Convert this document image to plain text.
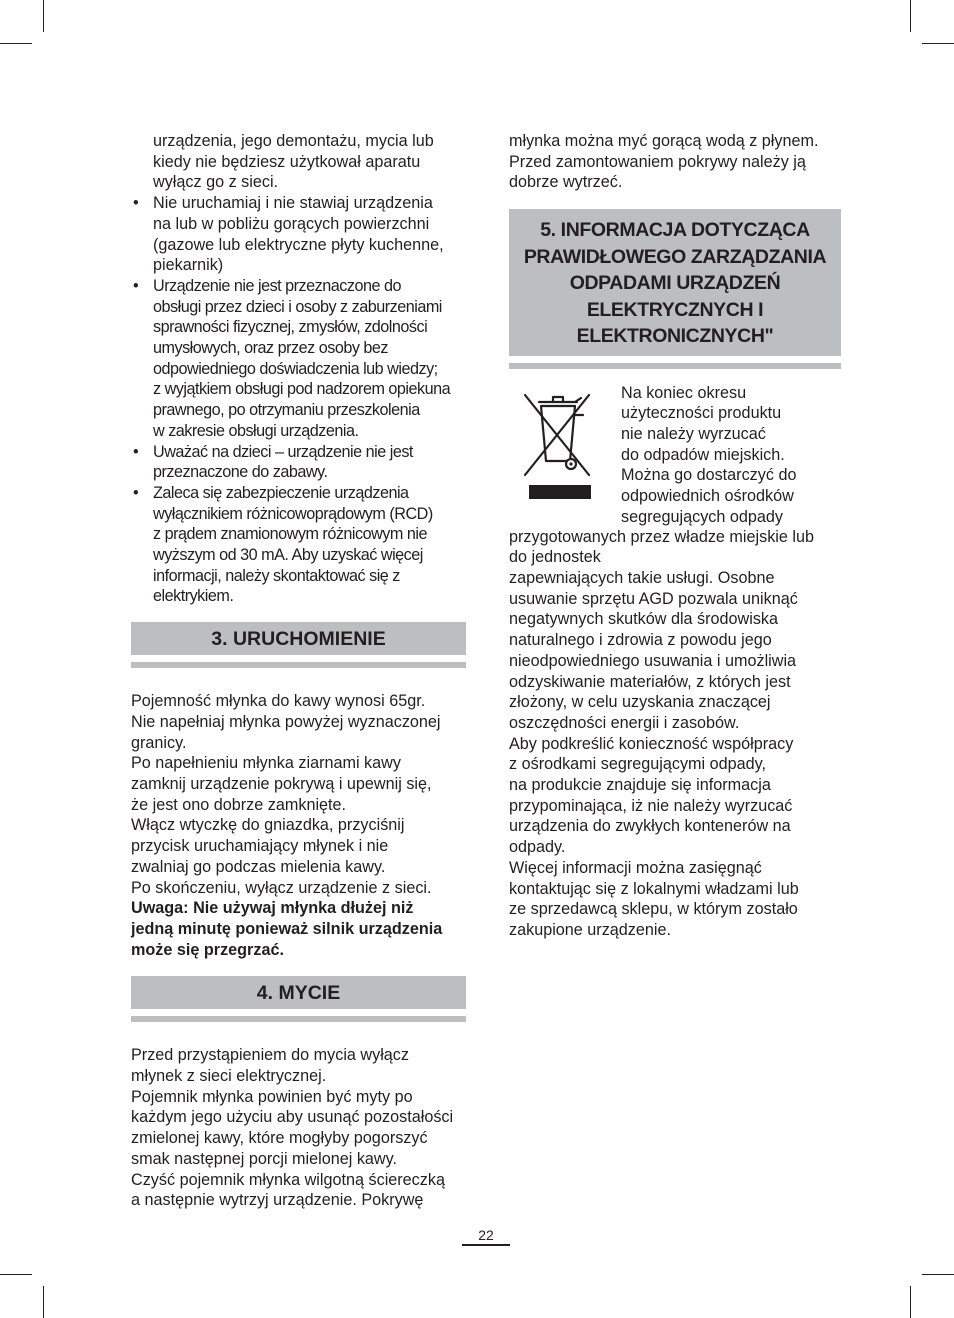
urządzenia, jego demontażu, mycia lub
kiedy nie będziesz użytkował aparatu
wyłącz go z sieci.
• Nie uruchamiaj i nie stawiaj urządzenia
na lub w pobliżu gorących powierzchni
(gazowe lub elektryczne płyty kuchenne,
piekarnik)
• Urządzenie nie jest przeznaczone do
obsługi przez dzieci i osoby z zaburzeniami
sprawności fizycznej, zmysłów, zdolności
umysłowych, oraz przez osoby bez
odpowiedniego doświadczenia lub wiedzy;
z wyjątkiem obsługi pod nadzorem opiekuna
prawnego, po otrzymaniu przeszkolenia
w zakresie obsługi urządzenia.
• Uważać na dzieci – urządzenie nie jest
przeznaczone do zabawy.
• Zaleca się zabezpieczenie urządzenia
wyłącznikiem różnicowoprądowym (RCD)
z prądem znamionowym różnicowym nie
wyższym od 30 mA. Aby uzyskać więcej
informacji, należy skontaktować się z
elektrykiem.
3. URUCHOMIENIE
Pojemność młynka do kawy wynosi 65gr.
Nie napełniaj młynka powyżej wyznaczonej
granicy.
Po napełnieniu młynka ziarnami kawy
zamknij urządzenie pokrywą i upewnij się,
że jest ono dobrze zamknięte.
Włącz wtyczkę do gniazdka, przyciśnij
przycisk uruchamiający młynek i nie
zwalniaj go podczas mielenia kawy.
Po skończeniu, wyłącz urządzenie z sieci.
Uwaga: Nie używaj młynka dłużej niż
jedną minutę ponieważ silnik urządzenia
może się przegrzać.
4. MYCIE
Przed przystąpieniem do mycia wyłącz
młynek z sieci elektrycznej.
Pojemnik młynka powinien być myty po
każdym jego użyciu aby usunąć pozostałości
zmielonej kawy, które mogłyby pogorszyć
smak następnej porcji mielonej kawy.
Czyść pojemnik młynka wilgotną ściereczką
a następnie wytrzyj urządzenie. Pokrywę
młynka można myć gorącą wodą z płynem.
Przed zamontowaniem pokrywy należy ją
dobrze wytrzeć.
5. INFORMACJA DOTYCZĄCA
PRAWIDŁOWEGO ZARZĄDZANIA
ODPADAMI URZĄDZEŃ
ELEKTRYCZNYCH I ELEKTRONICZNYCH"
Na koniec okresu
użyteczności produktu
nie należy wyrzucać
do odpadów miejskich.
Można go dostarczyć do
odpowiednich ośrodków
segregujących odpady
przygotowanych przez władze miejskie lub
do jednostek
zapewniających takie usługi. Osobne
usuwanie sprzętu AGD pozwala uniknąć
negatywnych skutków dla środowiska
naturalnego i zdrowia z powodu jego
nieodpowiedniego usuwania i umożliwia
odzyskiwanie materiałów, z których jest
złożony, w celu uzyskania znaczącej
oszczędności energii i zasobów.
Aby podkreślić konieczność współpracy
z ośrodkami segregującymi odpady,
na produkcie znajduje się informacja
przypominająca, iż nie należy wyrzucać
urządzenia do zwykłych kontenerów na
odpady.
Więcej informacji można zasięgnąć
kontaktując się z lokalnymi władzami lub
ze sprzedawcą sklepu, w którym zostało
zakupione urządzenie.
22
